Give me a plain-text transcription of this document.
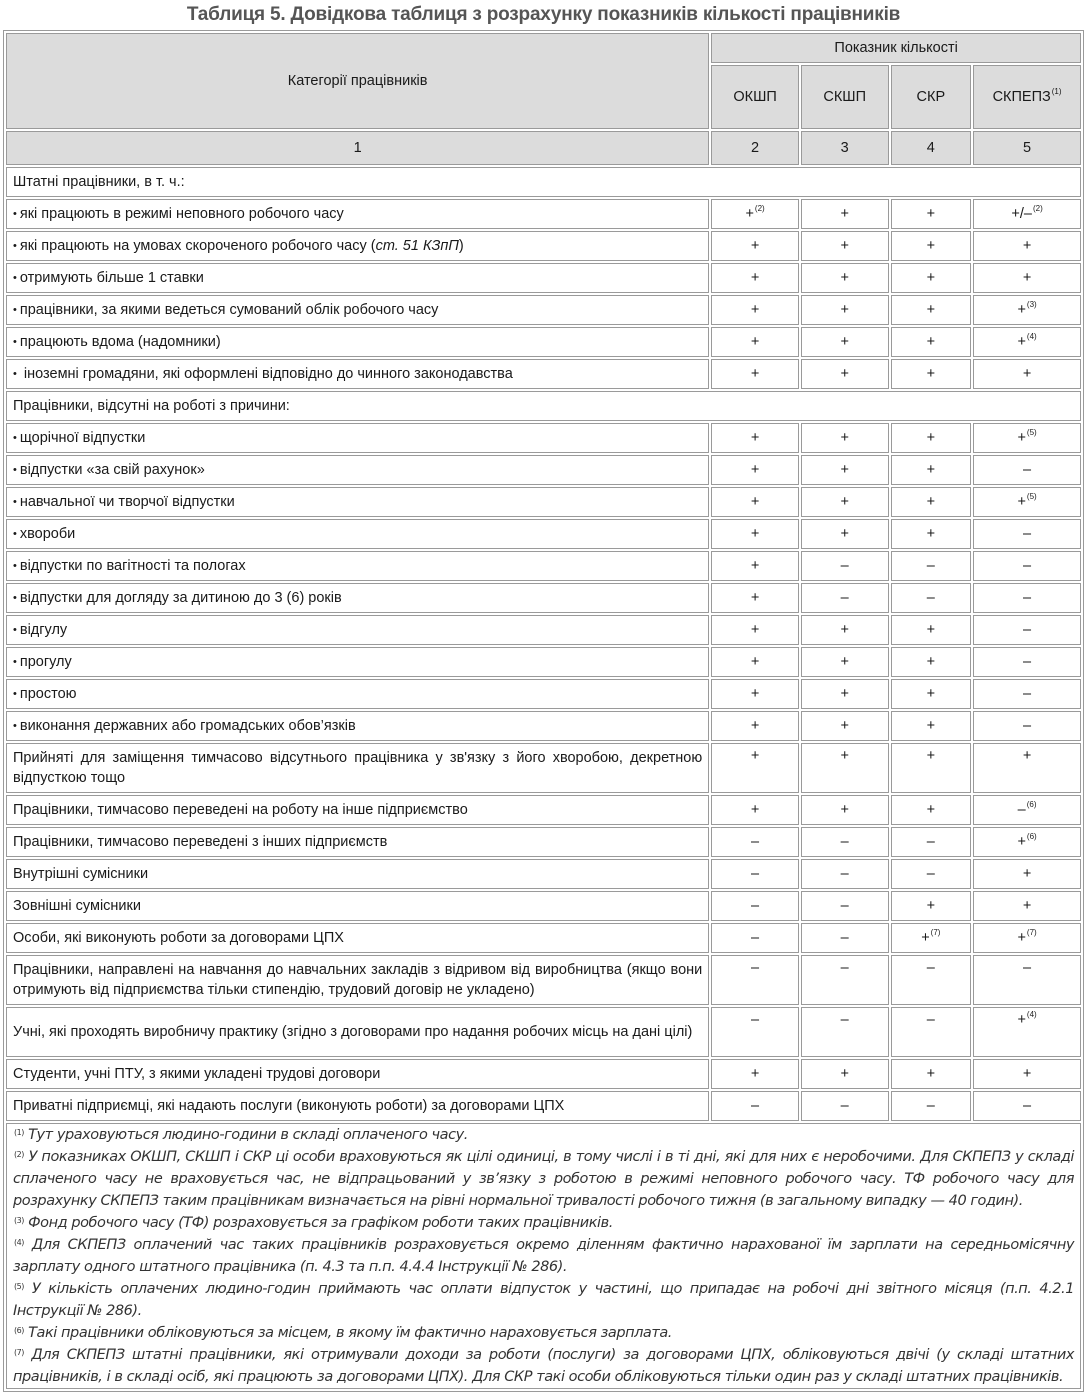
Таблиця 5. Довідкова таблиця з розрахунку показників кількості працівників
Категорії працівників	Показник кількості			
	ОКШП	СКШП	СКР	СКПЕПЗ$^{(1)}$
1	2	3	4	5
Штатні працівники, в т. ч.:				
• які працюють в режимі неповного робочого часу	+$^{(2)}$	+	+	+/–$^{(2)}$
• які працюють на умовах скороченого робочого часу (ст. 51 КЗпП)	+	+	+	+
• отримують більше 1 ставки	+	+	+	+
• працівники, за якими ведеться сумований облік робочого часу	+	+	+	+$^{(3)}$
• працюють вдома (надомники)	+	+	+	+$^{(4)}$
• іноземні громадяни, які оформлені відповідно до чинного законодавства	+	+	+	+
Працівники, відсутні на роботі з причини:				
• щорічної відпустки	+	+	+	+$^{(5)}$
• відпустки «за свій рахунок»	+	+	+	–
• навчальної чи творчої відпустки	+	+	+	+$^{(5)}$
• хвороби	+	+	+	–
• відпустки по вагітності та пологах	+	–	–	–
• відпустки для догляду за дитиною до 3 (6) років	+	–	–	–
• відгулу	+	+	+	–
• прогулу	+	+	+	–
• простою	+	+	+	–
• виконання державних або громадських обов’язків	+	+	+	–
Прийняті для заміщення тимчасово відсутнього працівника у зв'язку з його хворобою, декретною відпусткою тощо	+	+	+	+
Працівники, тимчасово переведені на роботу на інше підприємство	+	+	+	–$^{(6)}$
Працівники, тимчасово переведені з інших підприємств	–	–	–	+$^{(6)}$
Внутрішні сумісники	–	–	–	+
Зовнішні сумісники	–	–	+	+
Особи, які виконують роботи за договорами ЦПХ	–	–	+$^{(7)}$	+$^{(7)}$
Працівники, направлені на навчання до навчальних закладів з відривом від виробництва (якщо вони отримують від підприємства тільки стипендію, трудовий договір не укладено)	–	–	–	–
Учні, які проходять виробничу практику (згідно з договорами про надання робочих місць на дані цілі)	–	–	–	+$^{(4)}$
Студенти, учні ПТУ, з якими укладені трудові договори	+	+	+	+
Приватні підприємці, які надають послуги (виконують роботи) за договорами ЦПХ	–	–	–	–

$^{(1)}$ Тут ураховуються людино-години в складі оплаченого часу.

$^{(2)}$ У показниках ОКШП, СКШП і СКР ці особи враховуються як цілі одиниці, в тому числі і в ті дні, які для них є неробочими. Для СКПЕПЗ у складі сплаченого часу не враховується час, не відпрацьований у зв’язку з роботою в режимі неповного робочого часу. ТФ робочого часу для розрахунку СКПЕПЗ таким працівникам визначається на рівні нормальної тривалості робочого тижня (в загальному випадку — 40 годин).

$^{(3)}$ Фонд робочого часу (ТФ) розраховується за графіком роботи таких працівників.

$^{(4)}$ Для СКПЕПЗ оплачений час таких працівників розраховується окремо діленням фактично нарахованої їм зарплати на середньомісячну зарплату одного штатного працівника (п. 4.3 та п.п. 4.4.4 Інструкції № 286).

$^{(5)}$ У кількість оплачених людино-годин приймають час оплати відпусток у частині, що припадає на робочі дні звітного місяця (п.п. 4.2.1 Інструкції № 286).

$^{(6)}$ Такі працівники обліковуються за місцем, в якому їм фактично нараховується зарплата.

$^{(7)}$ Для СКПЕПЗ штатні працівники, які отримували доходи за роботи (послуги) за договорами ЦПХ, обліковуються двічі (у складі штатних працівників, і в складі осіб, які працюють за договорами ЦПХ). Для СКР такі особи обліковуються тільки один раз у складі штатних працівників.
